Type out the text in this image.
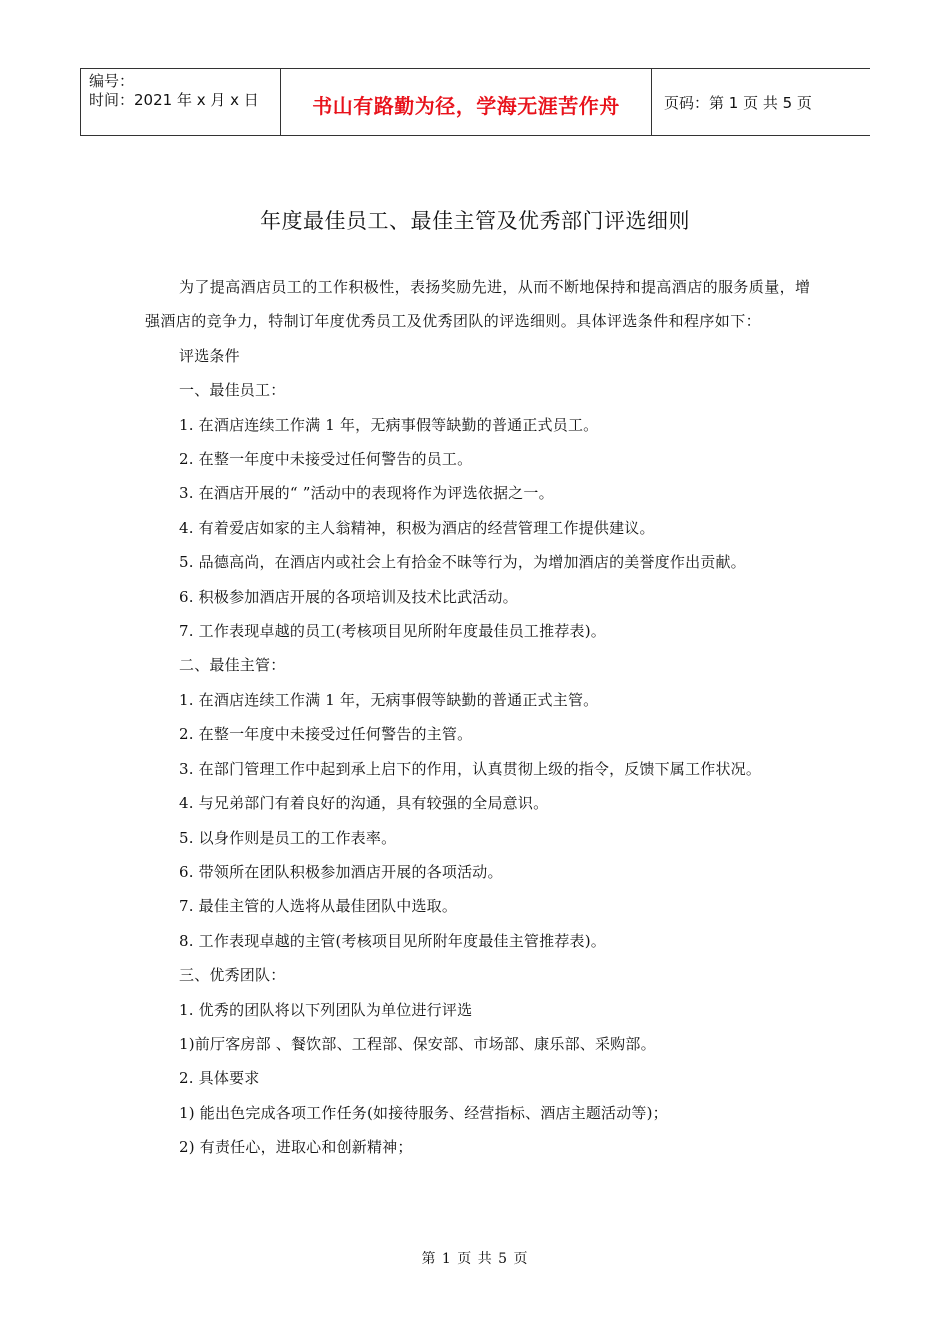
编号：
时间：2021 年 x 月 x 日	书山有路勤为径，学海无涯苦作舟	页码：第 1 页 共 5 页
年度最佳员工、最佳主管及优秀部门评选细则

为了提高酒店员工的工作积极性，表扬奖励先进，从而不断地保持和提高酒店的服务质量，增强酒店的竞争力，特制订年度优秀员工及优秀团队的评选细则。具体评选条件和程序如下：

评选条件

一、最佳员工：

1. 在酒店连续工作满 1 年，无病事假等缺勤的普通正式员工。

2. 在整一年度中未接受过任何警告的员工。

3. 在酒店开展的“ ”活动中的表现将作为评选依据之一。

4. 有着爱店如家的主人翁精神，积极为酒店的经营管理工作提供建议。

5. 品德高尚，在酒店内或社会上有拾金不昧等行为，为增加酒店的美誉度作出贡献。

6. 积极参加酒店开展的各项培训及技术比武活动。

7. 工作表现卓越的员工(考核项目见所附年度最佳员工推荐表)。

二、最佳主管：

1. 在酒店连续工作满 1 年，无病事假等缺勤的普通正式主管。

2. 在整一年度中未接受过任何警告的主管。

3. 在部门管理工作中起到承上启下的作用，认真贯彻上级的指令，反馈下属工作状况。

4. 与兄弟部门有着良好的沟通，具有较强的全局意识。

5. 以身作则是员工的工作表率。

6. 带领所在团队积极参加酒店开展的各项活动。

7. 最佳主管的人选将从最佳团队中选取。

8. 工作表现卓越的主管(考核项目见所附年度最佳主管推荐表)。

三、优秀团队：

1. 优秀的团队将以下列团队为单位进行评选

1)前厅客房部 、餐饮部、工程部、保安部、市场部、康乐部、采购部。

2. 具体要求

1) 能出色完成各项工作任务(如接待服务、经营指标、酒店主题活动等)；

2) 有责任心，进取心和创新精神；

第 1 页 共 5 页
